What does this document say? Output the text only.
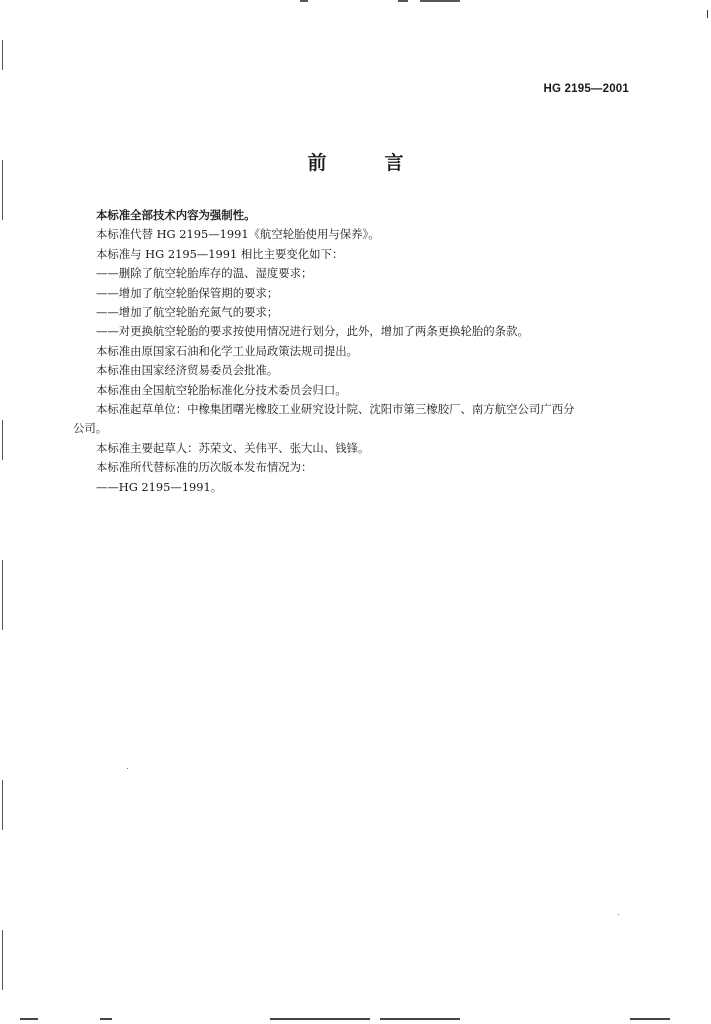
HG 2195—2001
前	言

本标准全部技术内容为强制性。

本标准代替 HG 2195—1991《航空轮胎使用与保养》。

本标准与 HG 2195—1991 相比主要变化如下：

——删除了航空轮胎库存的温、湿度要求；

——增加了航空轮胎保管期的要求；

——增加了航空轮胎充氮气的要求；

——对更换航空轮胎的要求按使用情况进行划分，此外，增加了两条更换轮胎的条款。

本标准由原国家石油和化学工业局政策法规司提出。

本标准由国家经济贸易委员会批准。

本标准由全国航空轮胎标准化分技术委员会归口。

本标准起草单位：中橡集团曙光橡胶工业研究设计院、沈阳市第三橡胶厂、南方航空公司广西分

公司。

本标准主要起草人：苏荣文、关伟平、张大山、钱锋。

本标准所代替标准的历次版本发布情况为：

——HG 2195—1991。
